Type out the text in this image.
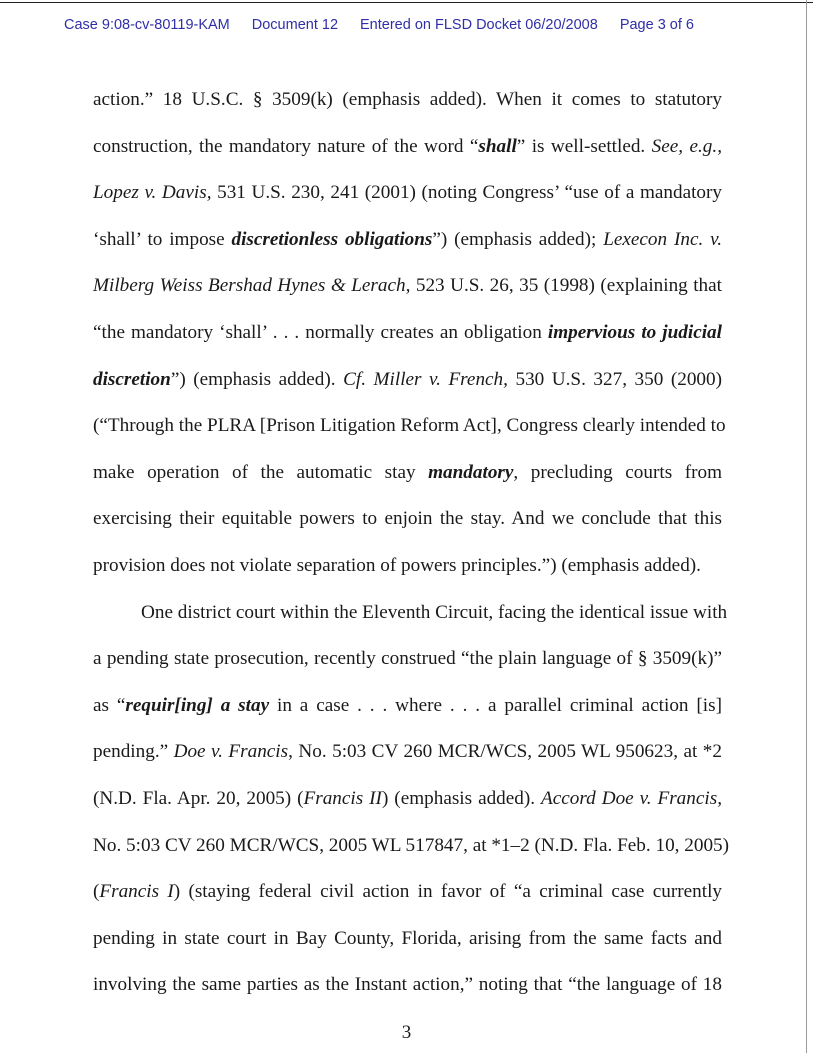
Case 9:08-cv-80119-KAM Document 12 Entered on FLSD Docket 06/20/2008 Page 3 of 6
action.” 18 U.S.C. § 3509(k) (emphasis added). When it comes to statutory
construction, the mandatory nature of the word “shall” is well-settled. See, e.g.,
Lopez v. Davis, 531 U.S. 230, 241 (2001) (noting Congress’ “use of a mandatory
‘shall’ to impose discretionless obligations”) (emphasis added); Lexecon Inc. v.
Milberg Weiss Bershad Hynes & Lerach, 523 U.S. 26, 35 (1998) (explaining that
“the mandatory ‘shall’ . . . normally creates an obligation impervious to judicial
discretion”) (emphasis added). Cf. Miller v. French, 530 U.S. 327, 350 (2000)
(“Through the PLRA [Prison Litigation Reform Act], Congress clearly intended to
make operation of the automatic stay mandatory, precluding courts from
exercising their equitable powers to enjoin the stay. And we conclude that this
provision does not violate separation of powers principles.”) (emphasis added).
One district court within the Eleventh Circuit, facing the identical issue with
a pending state prosecution, recently construed “the plain language of § 3509(k)”
as “requir[ing] a stay in a case . . . where . . . a parallel criminal action [is]
pending.” Doe v. Francis, No. 5:03 CV 260 MCR/WCS, 2005 WL 950623, at *2
(N.D. Fla. Apr. 20, 2005) (Francis II) (emphasis added). Accord Doe v. Francis,
No. 5:03 CV 260 MCR/WCS, 2005 WL 517847, at *1–2 (N.D. Fla. Feb. 10, 2005)
(Francis I) (staying federal civil action in favor of “a criminal case currently
pending in state court in Bay County, Florida, arising from the same facts and
involving the same parties as the Instant action,” noting that “the language of 18
3
